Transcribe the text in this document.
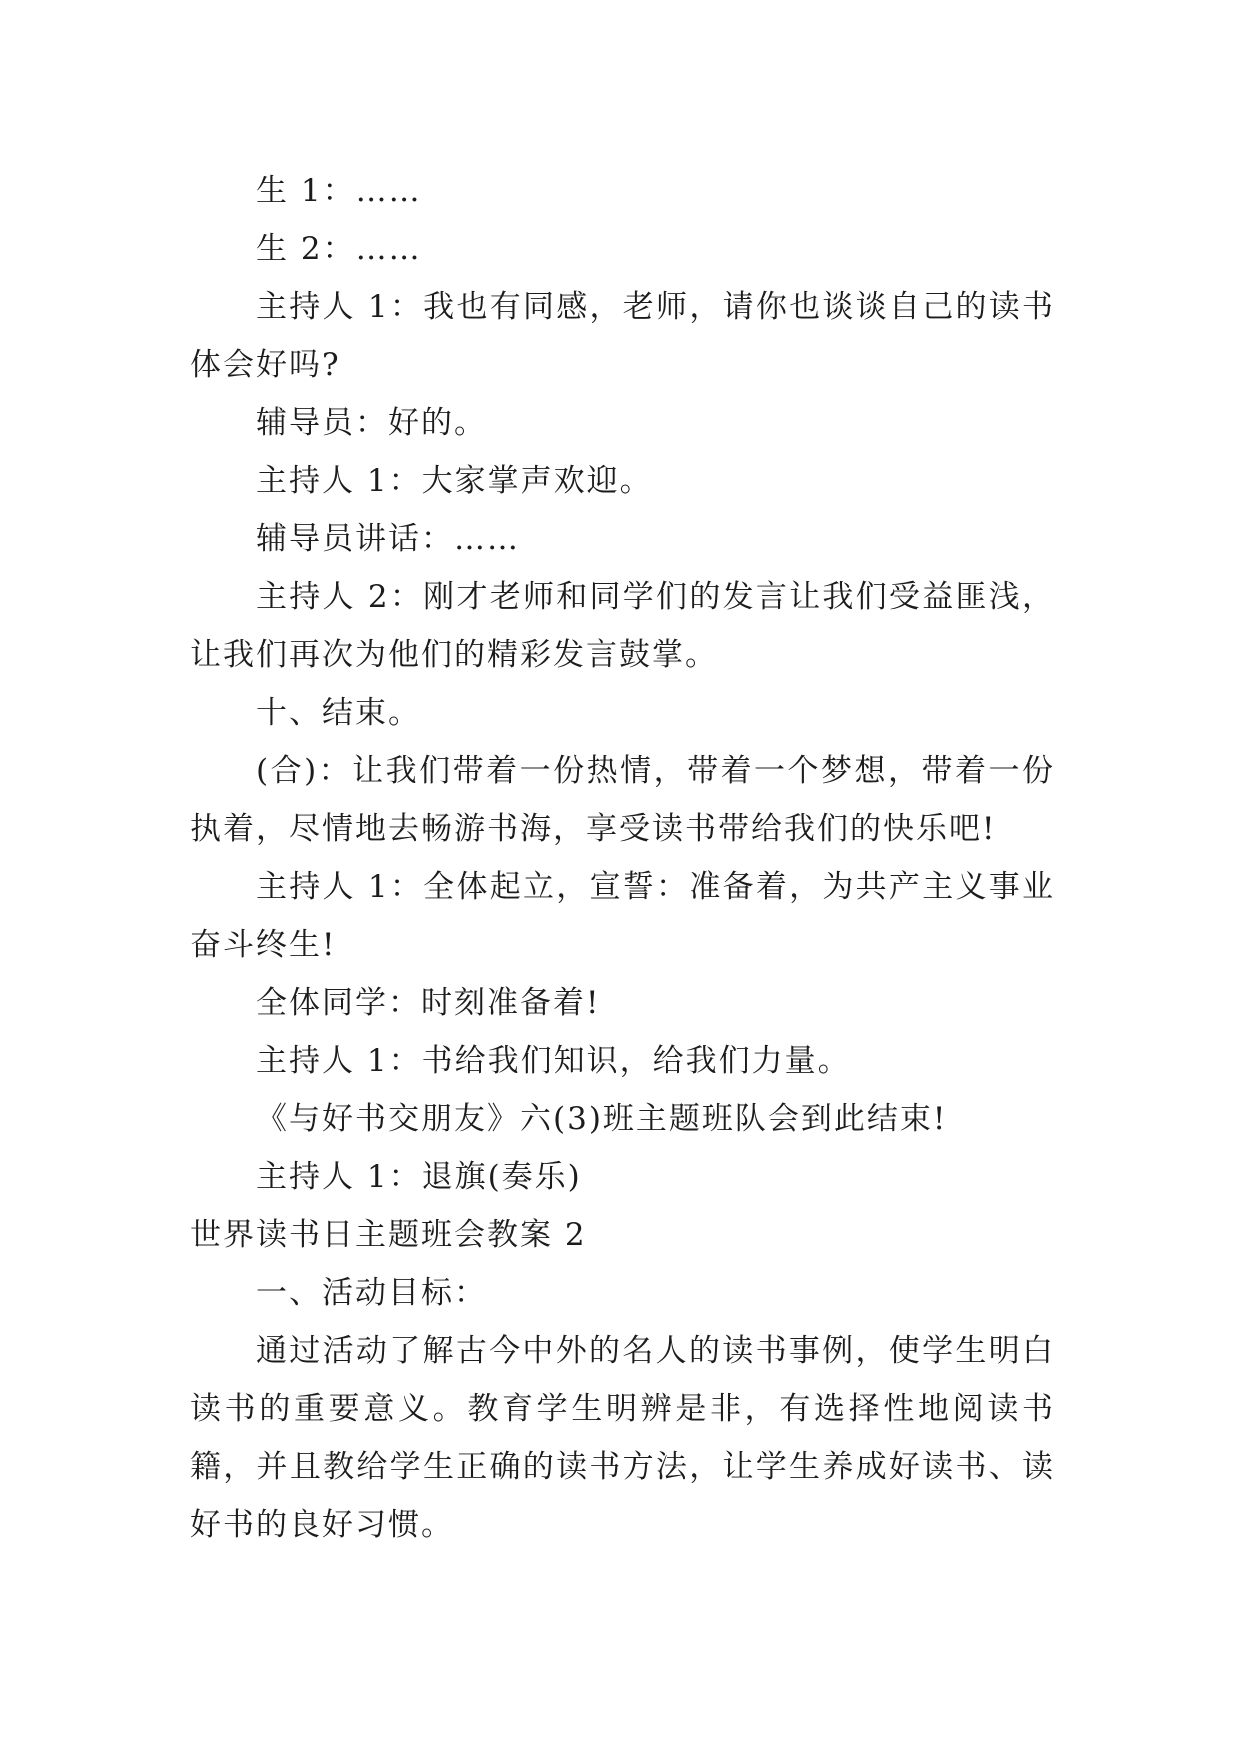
生 1：……

生 2：……

主持人 1：我也有同感，老师，请你也谈谈自己的读书体会好吗?

辅导员：好的。

主持人 1：大家掌声欢迎。

辅导员讲话：……

主持人 2：刚才老师和同学们的发言让我们受益匪浅，让我们再次为他们的精彩发言鼓掌。

十、结束。

(合)：让我们带着一份热情，带着一个梦想，带着一份执着，尽情地去畅游书海，享受读书带给我们的快乐吧!

主持人 1：全体起立，宣誓：准备着，为共产主义事业奋斗终生!

全体同学：时刻准备着!

主持人 1：书给我们知识，给我们力量。

《与好书交朋友》六(3)班主题班队会到此结束!

主持人 1：退旗(奏乐)

世界读书日主题班会教案 2

一、活动目标：

通过活动了解古今中外的名人的读书事例，使学生明白读书的重要意义。教育学生明辨是非，有选择性地阅读书籍，并且教给学生正确的读书方法，让学生养成好读书、读好书的良好习惯。
